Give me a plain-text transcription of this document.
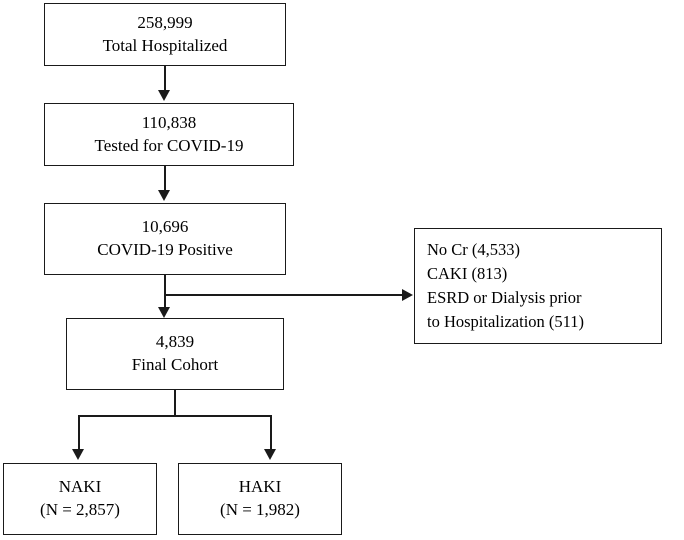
258,999
Total Hospitalized
110,838
Tested for COVID-19
10,696
COVID-19 Positive	No Cr (4,533)
CAKI (813)
ESRD or Dialysis prior
to Hospitalization (511)
4,839
Final Cohort
NAKI
(N = 2,857)
HAKI
(N = 1,982)
